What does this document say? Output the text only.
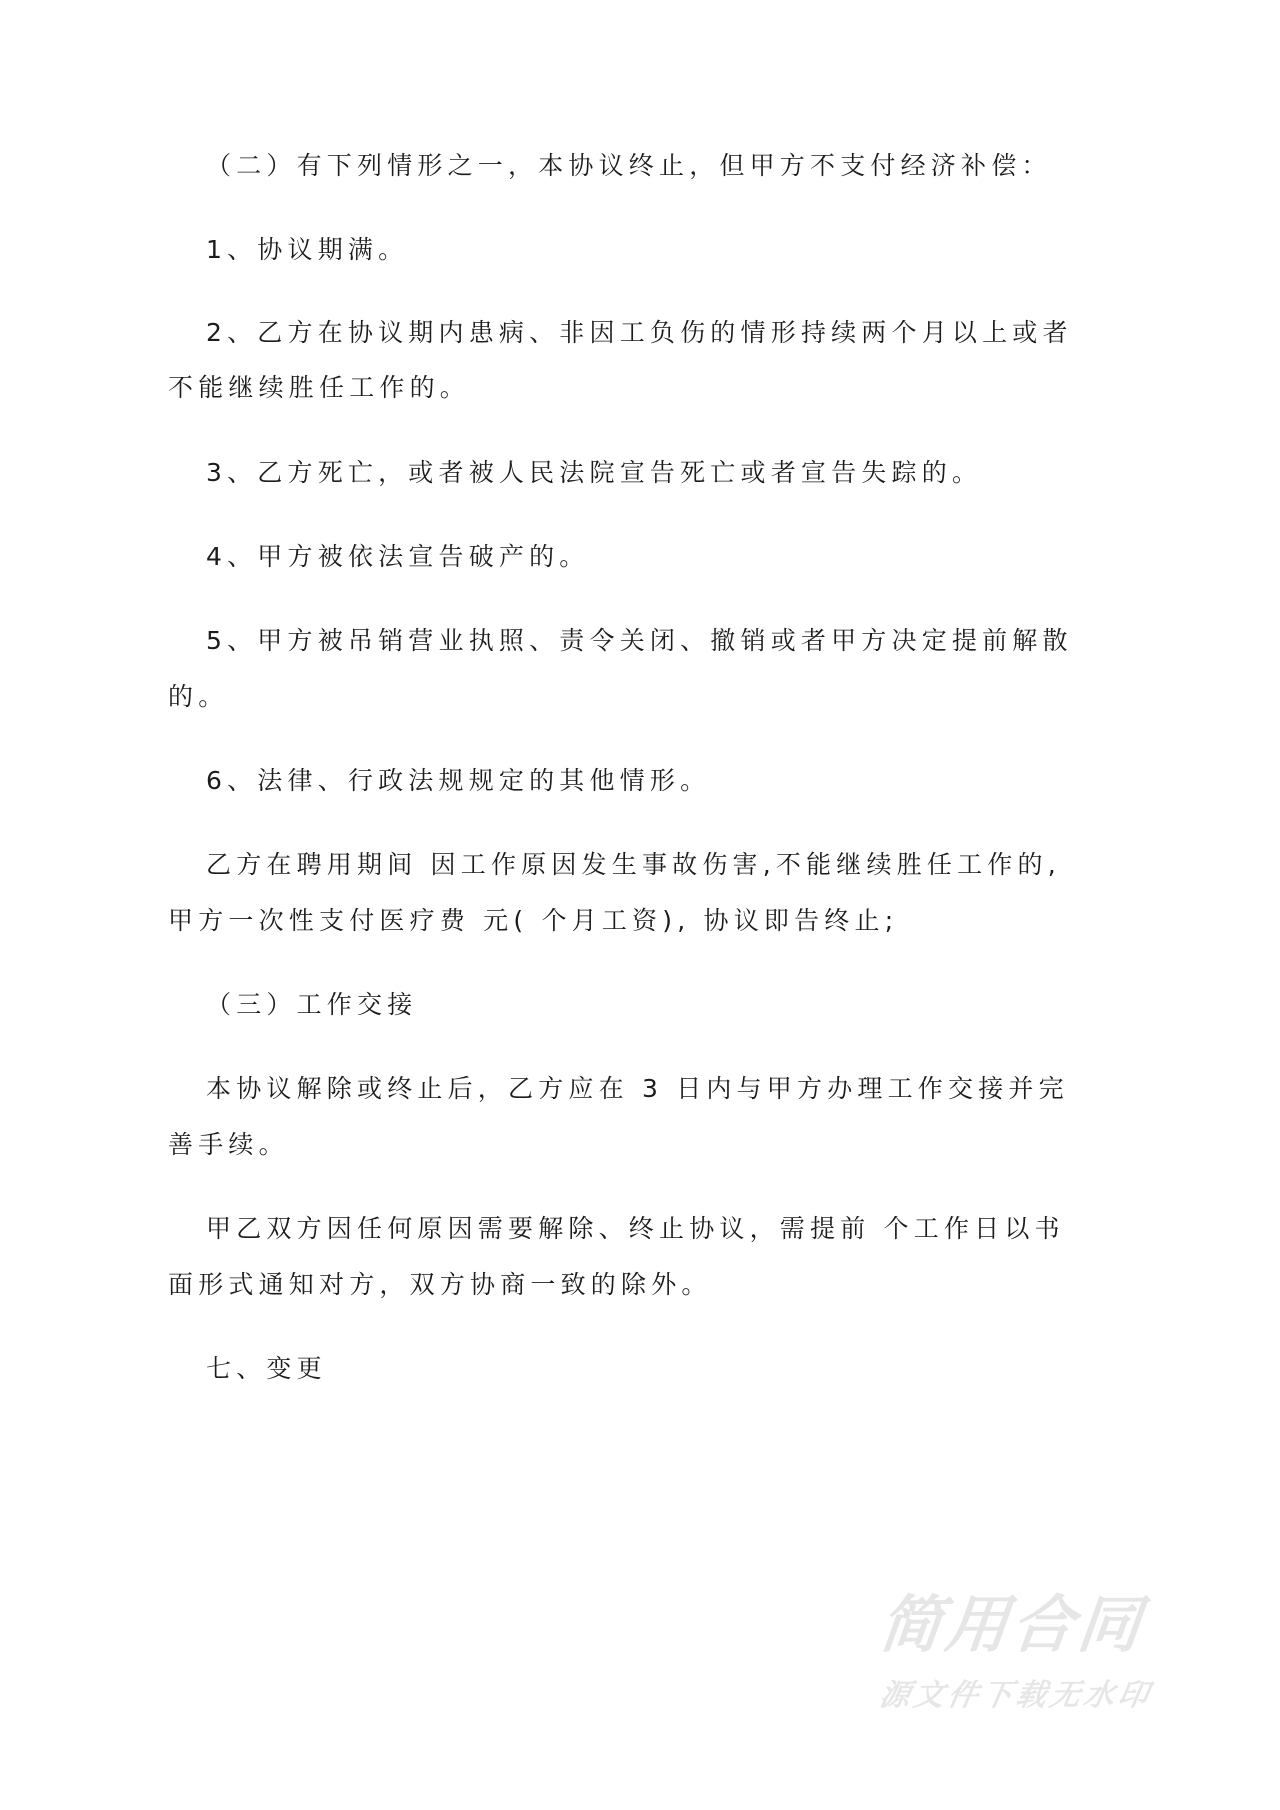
（二）有下列情形之一，本协议终止，但甲方不支付经济补偿：
1、协议期满。
2、乙方在协议期内患病、非因工负伤的情形持续两个月以上或者
不能继续胜任工作的。
3、乙方死亡，或者被人民法院宣告死亡或者宣告失踪的。
4、甲方被依法宣告破产的。
5、甲方被吊销营业执照、责令关闭、撤销或者甲方决定提前解散
的。
6、法律、行政法规规定的其他情形。
乙方在聘用期间 因工作原因发生事故伤害,不能继续胜任工作的,
甲方一次性支付医疗费 元( 个月工资), 协议即告终止;
（三）工作交接
本协议解除或终止后，乙方应在 3 日内与甲方办理工作交接并完
善手续。
甲乙双方因任何原因需要解除、终止协议，需提前 个工作日以书
面形式通知对方，双方协商一致的除外。
七、变更
简用合同
源文件下载无水印
